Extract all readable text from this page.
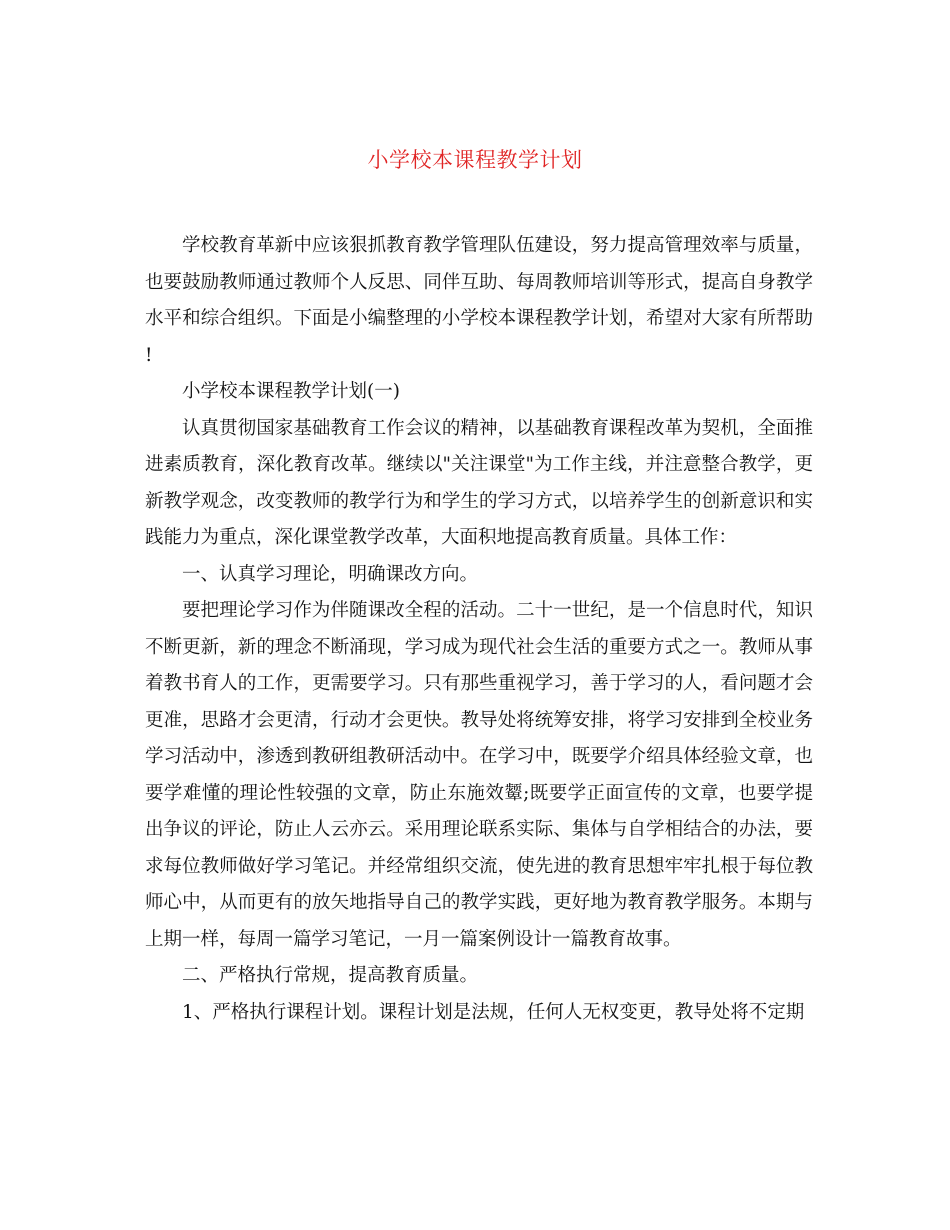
小学校本课程教学计划

学校教育革新中应该狠抓教育教学管理队伍建设，努力提高管理效率与质量，也要鼓励教师通过教师个人反思、同伴互助、每周教师培训等形式，提高自身教学水平和综合组织。下面是小编整理的小学校本课程教学计划，希望对大家有所帮助!

小学校本课程教学计划(一)

认真贯彻国家基础教育工作会议的精神，以基础教育课程改革为契机，全面推进素质教育，深化教育改革。继续以"关注课堂"为工作主线，并注意整合教学，更新教学观念，改变教师的教学行为和学生的学习方式，以培养学生的创新意识和实践能力为重点，深化课堂教学改革，大面积地提高教育质量。具体工作：

一、认真学习理论，明确课改方向。

要把理论学习作为伴随课改全程的活动。二十一世纪，是一个信息时代，知识不断更新，新的理念不断涌现，学习成为现代社会生活的重要方式之一。教师从事着教书育人的工作，更需要学习。只有那些重视学习，善于学习的人，看问题才会更准，思路才会更清，行动才会更快。教导处将统筹安排，将学习安排到全校业务学习活动中，渗透到教研组教研活动中。在学习中，既要学介绍具体经验文章，也要学难懂的理论性较强的文章，防止东施效颦;既要学正面宣传的文章，也要学提出争议的评论，防止人云亦云。采用理论联系实际、集体与自学相结合的办法，要求每位教师做好学习笔记。并经常组织交流，使先进的教育思想牢牢扎根于每位教师心中，从而更有的放矢地指导自己的教学实践，更好地为教育教学服务。本期与上期一样，每周一篇学习笔记，一月一篇案例设计一篇教育故事。

二、严格执行常规，提高教育质量。

1、严格执行课程计划。课程计划是法规，任何人无权变更，教导处将不定期
